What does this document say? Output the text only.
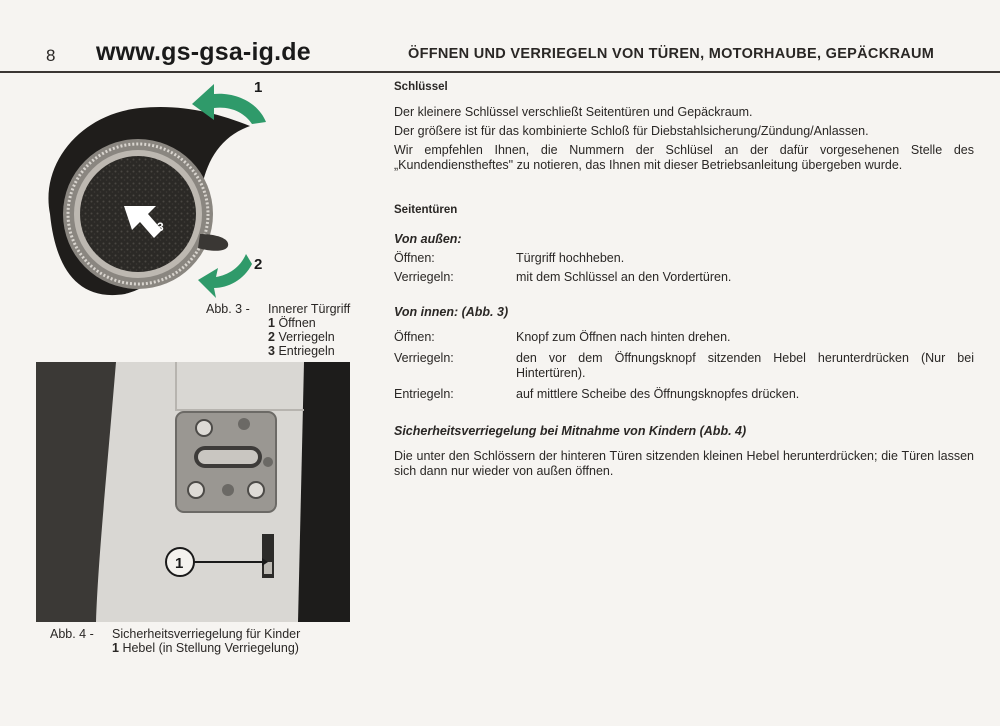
8 www.gs-gsa-ig.de	ÖFFNEN UND VERRIEGELN VON TÜREN, MOTORHAUBE, GEPÄCKRAUM
1
2
3
Abb. 3 - Innerer Türgriff
1 Öffnen
2 Verriegeln
3 Entriegeln
1
Abb. 4 - Sicherheitsverriegelung für Kinder
1 Hebel (in Stellung Verriegelung)

Schlüssel

Der kleinere Schlüssel verschließt Seitentüren und Gepäckraum.

Der größere ist für das kombinierte Schloß für Diebstahlsicherung/Zündung/Anlassen.

Wir empfehlen Ihnen, die Nummern der Schlüsel an der dafür vorgesehenen Stelle des „Kundendienstheftes" zu notieren, das Ihnen mit dieser Betriebsanleitung übergeben wurde.

Seitentüren

Von außen:

Öffnen:	Türgriff hochheben.
Verriegeln:	mit dem Schlüssel an den Vordertüren.

Von innen: (Abb. 3)

Öffnen:	Knopf zum Öffnen nach hinten drehen.
Verriegeln:	den vor dem Öffnungsknopf sitzenden Hebel herunterdrücken (Nur bei Hintertüren).
Entriegeln:	auf mittlere Scheibe des Öffnungsknopfes drücken.

Sicherheitsverriegelung bei Mitnahme von Kindern (Abb. 4)

Die unter den Schlössern der hinteren Türen sitzenden kleinen Hebel herunterdrücken; die Türen lassen sich dann nur wieder von außen öffnen.
